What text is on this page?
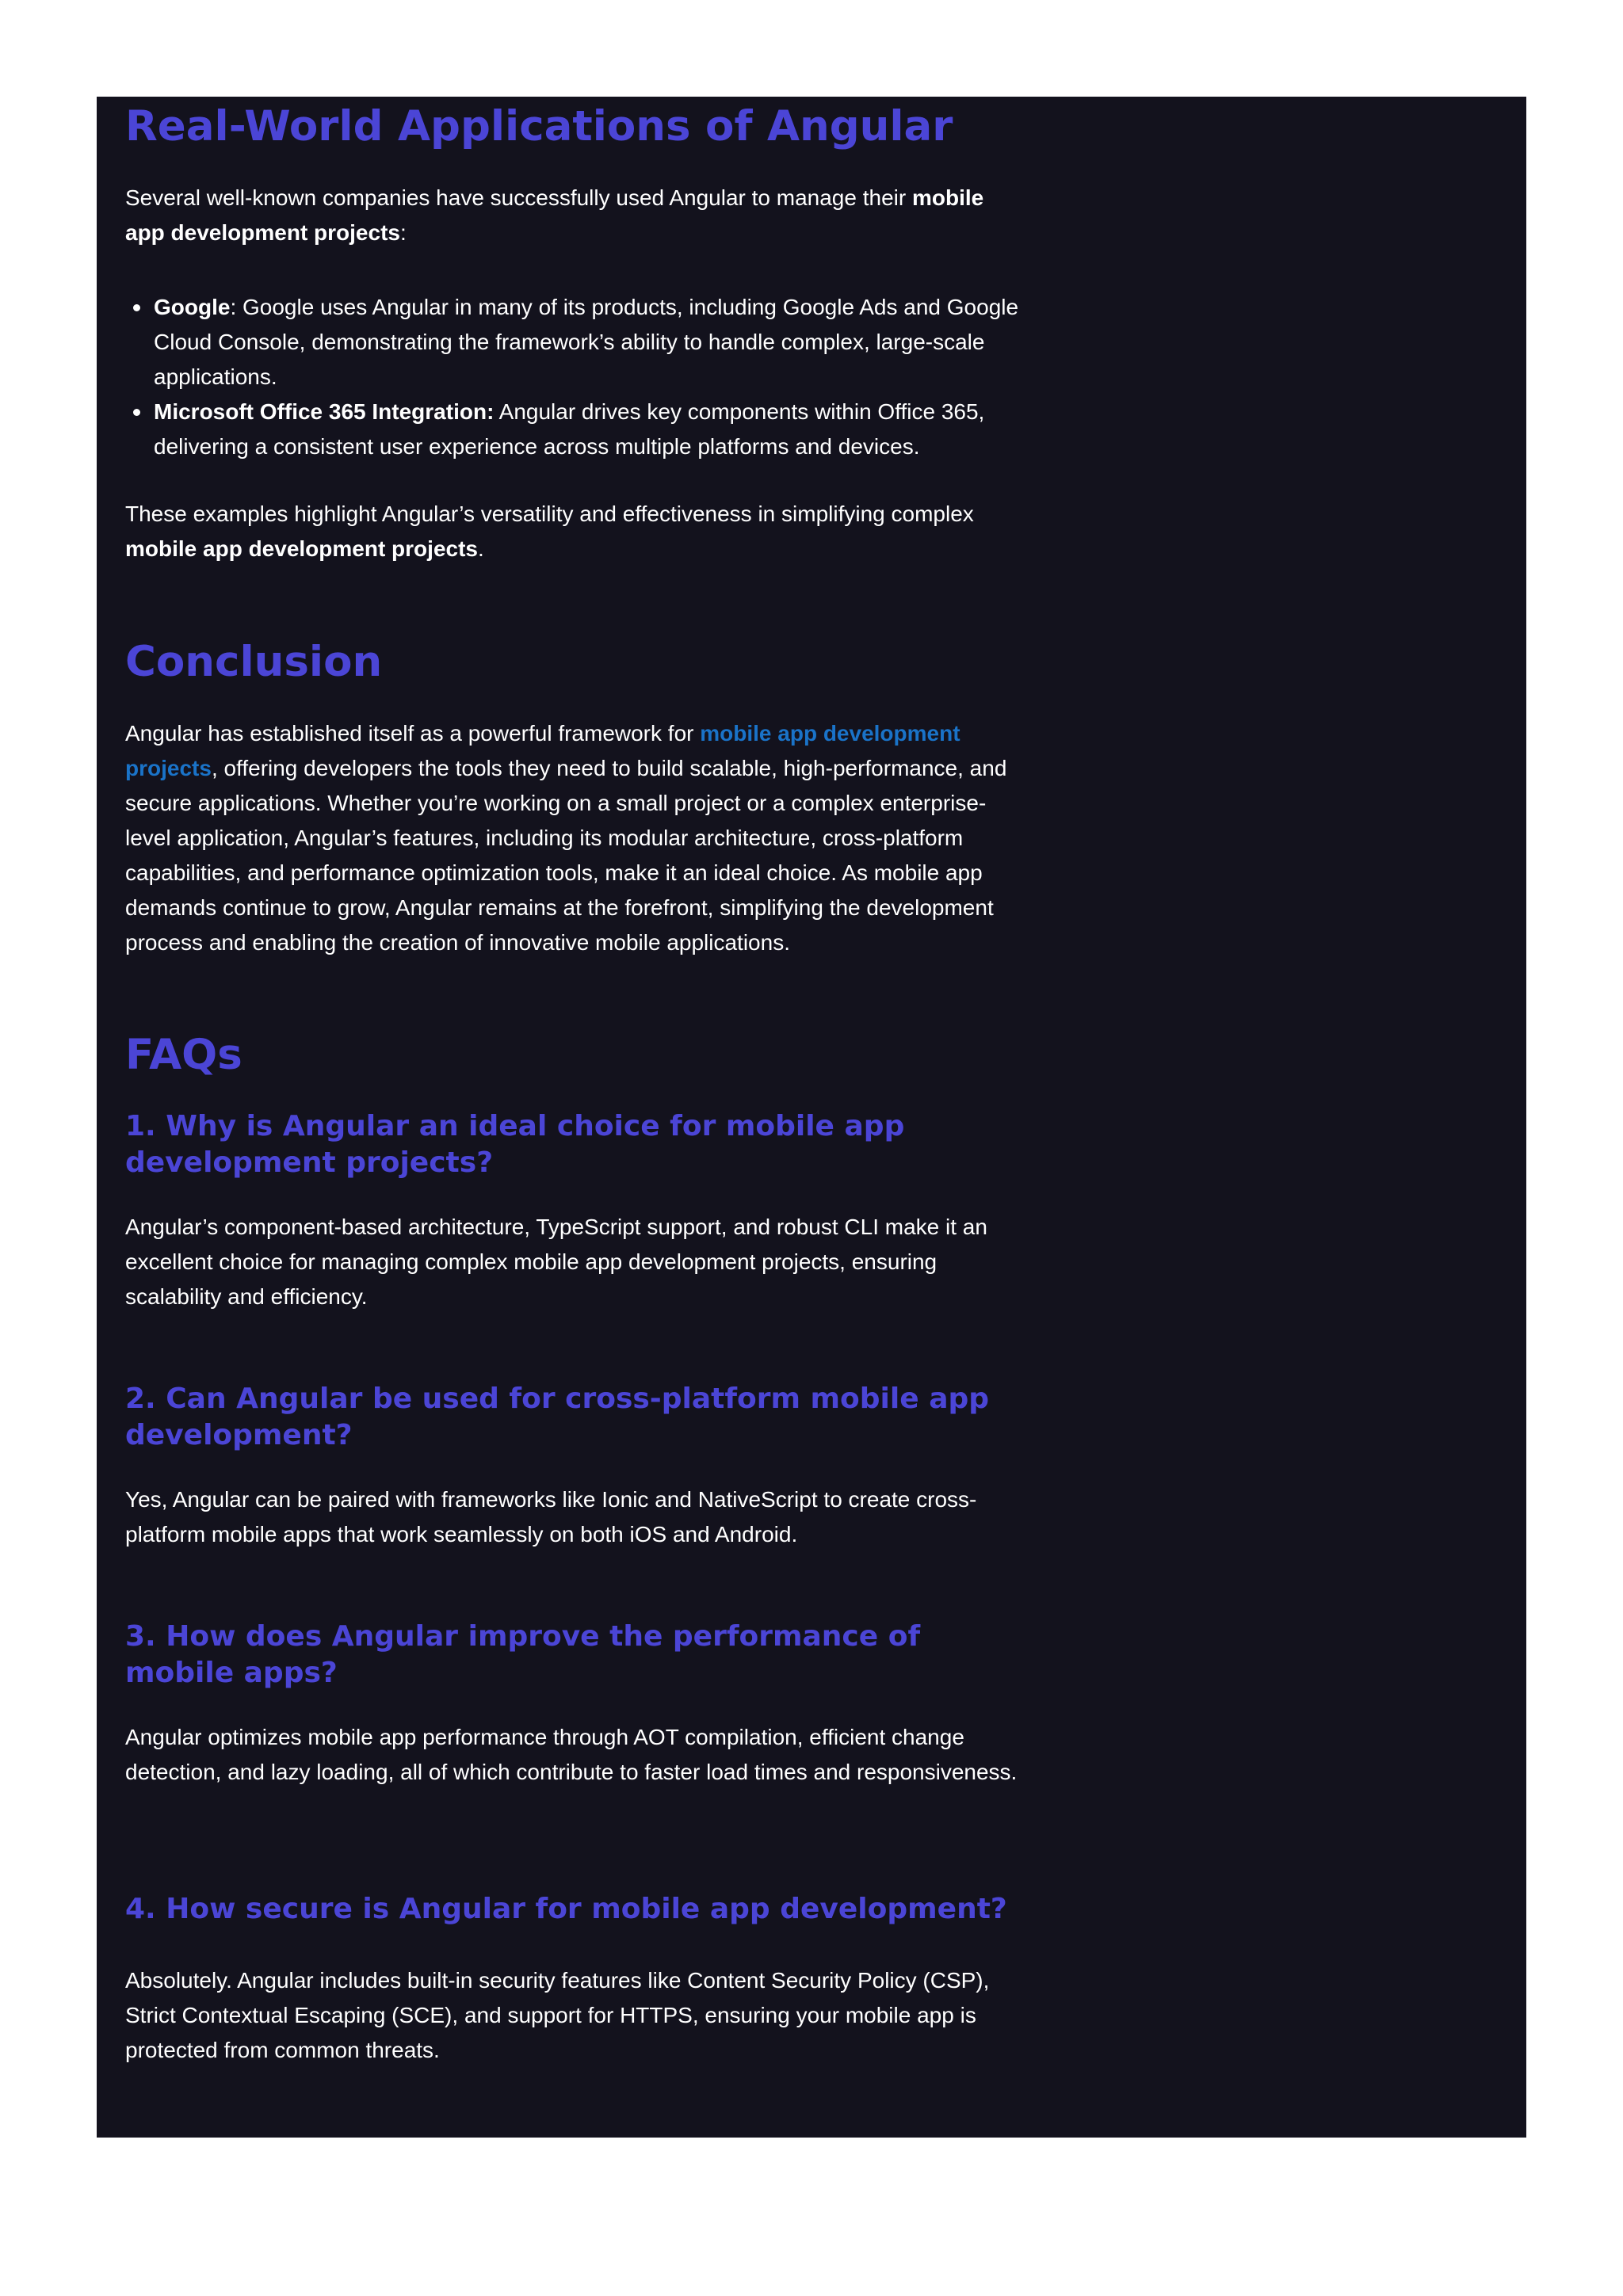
Real-World Applications of Angular

Several well-known companies have successfully used Angular to manage their mobile app development projects:

Google: Google uses Angular in many of its products, including Google Ads and Google Cloud Console, demonstrating the framework’s ability to handle complex, large-scale applications.
Microsoft Office 365 Integration: Angular drives key components within Office 365, delivering a consistent user experience across multiple platforms and devices.

These examples highlight Angular’s versatility and effectiveness in simplifying complex mobile app development projects.

Conclusion

Angular has established itself as a powerful framework for mobile app development projects, offering developers the tools they need to build scalable, high-performance, and secure applications. Whether you’re working on a small project or a complex enterprise-level application, Angular’s features, including its modular architecture, cross-platform capabilities, and performance optimization tools, make it an ideal choice. As mobile app demands continue to grow, Angular remains at the forefront, simplifying the development process and enabling the creation of innovative mobile applications.

FAQs
1. Why is Angular an ideal choice for mobile app development projects?

Angular’s component-based architecture, TypeScript support, and robust CLI make it an excellent choice for managing complex mobile app development projects, ensuring scalability and efficiency.

2. Can Angular be used for cross-platform mobile app development?

Yes, Angular can be paired with frameworks like Ionic and NativeScript to create cross-platform mobile apps that work seamlessly on both iOS and Android.

3. How does Angular improve the performance of mobile apps?

Angular optimizes mobile app performance through AOT compilation, efficient change detection, and lazy loading, all of which contribute to faster load times and responsiveness.

4. How secure is Angular for mobile app development?

Absolutely. Angular includes built-in security features like Content Security Policy (CSP), Strict Contextual Escaping (SCE), and support for HTTPS, ensuring your mobile app is protected from common threats.
